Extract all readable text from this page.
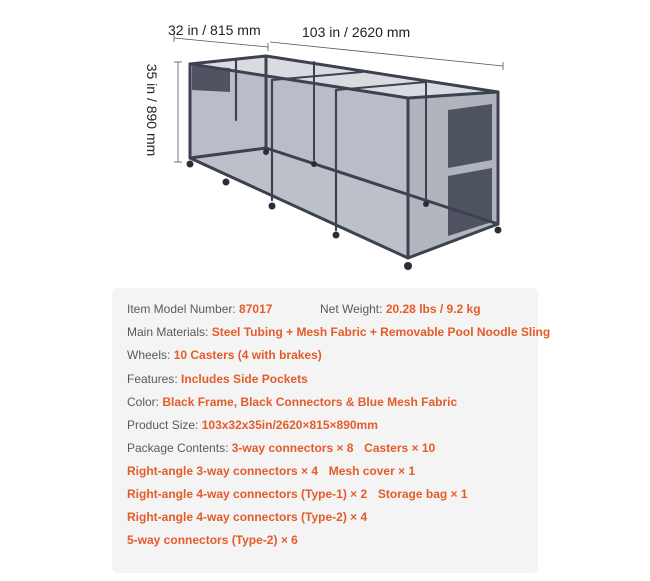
32 in / 815 mm	103 in / 2620 mm
35 in / 890 mm
Item Model Number: 87017	Net Weight: 20.28 lbs / 9.2 kg
Main Materials: Steel Tubing + Mesh Fabric + Removable Pool Noodle Sling
Wheels: 10 Casters (4 with brakes)
Features: Includes Side Pockets
Color: Black Frame, Black Connectors & Blue Mesh Fabric
Product Size: 103x32x35in/2620×815×890mm
Package Contents: 3-way connectors × 8 Casters × 10
Right-angle 3-way connectors × 4 Mesh cover × 1
Right-angle 4-way connectors (Type-1) × 2 Storage bag × 1
Right-angle 4-way connectors (Type-2) × 4
5-way connectors (Type-2) × 6
